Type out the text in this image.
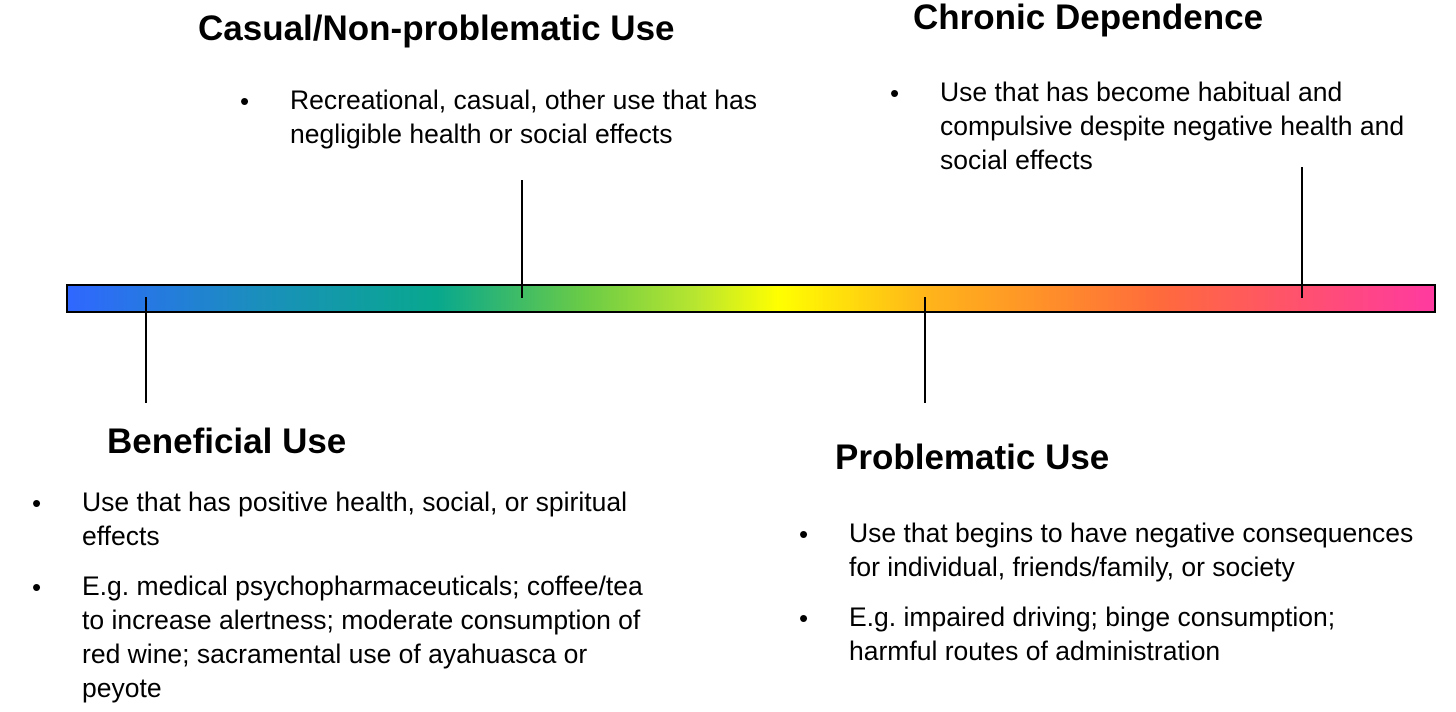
Casual/Non-problematic Use
• Recreational, casual, other use that has negligible health or social effects
Chronic Dependence
• Use that has become habitual and compulsive despite negative health and social effects
Beneficial Use
• Use that has positive health, social, or spiritual effects
• E.g. medical psychopharmaceuticals; coffee/tea to increase alertness; moderate consumption of red wine; sacramental use of ayahuasca or peyote
Problematic Use
• Use that begins to have negative consequences for individual, friends/family, or society
• E.g. impaired driving; binge consumption; harmful routes of administration
